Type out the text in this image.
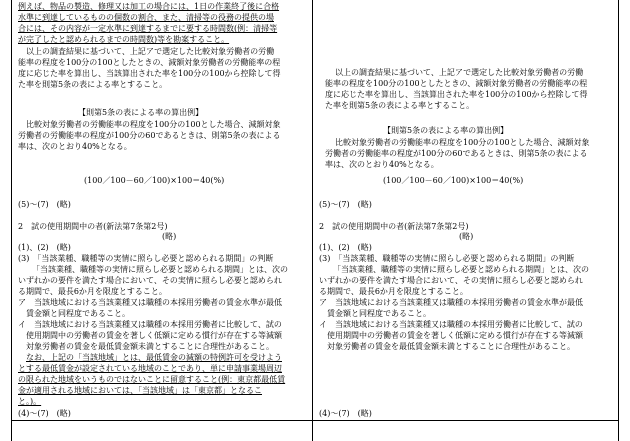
例えば、物品の製造、修理又は加工の場合には、1日の作業終了後に合格
水準に到達しているものの個数の割合、また、清掃等の役務の提供の場
合には、その内容が一定水準に到達するまでに要する時間数(例：清掃等
が完了したと認められるまでの時間数)等を勘案すること。
以上の調査結果に基づいて、上記アで選定した比較対象労働者の労働
能率の程度を100分の100としたときの、減額対象労働者の労働能率の程
度に応じた率を算出し、当該算出された率を100分の100から控除して得
た率を則第5条の表による率とすること。
【則第5条の表による率の算出例】
比較対象労働者の労働能率の程度を100分の100とした場合、減額対象
労働者の労働能率の程度が100分の60であるときは、則第5条の表による
率は、次のとおり40%となる。
(100／100－60／100)×100＝40(%)
(5)～(7)　(略)
2　試の使用期間中の者(新法第7条第2号)
(略)
(1)、(2)　(略)
(3)　「当該業種、職種等の実情に照らし必要と認められる期間」の判断
「当該業種、職種等の実情に照らし必要と認められる期間」とは、次の
いずれかの要件を満たす場合において、その実情に照らし必要と認められ
る期間で、最長6か月を限度とすること。
ア　当該地域における当該業種又は職種の本採用労働者の賃金水準が最低
賃金額と同程度であること。
イ　当該地域における当該業種又は職種の本採用労働者に比較して、試の
使用期間中の労働者の賃金を著しく低額に定める慣行が存在する等減額
対象労働者の賃金を最低賃金額未満とすることに合理性があること。
なお、上記の「当該地域」とは、最低賃金の減額の特例許可を受けよう
とする最低賃金が設定されている地域のことであり、単に申請事業場周辺
の限られた地域をいうものではないことに留意すること(例：東京都最低賃
金が適用される地域においては、「当該地域」は「東京都」となるこ
と。)。
(4)～(7)　(略)
以上の調査結果に基づいて、上記アで選定した比較対象労働者の労働
能率の程度を100分の100としたときの、減額対象労働者の労働能率の程
度に応じた率を算出し、当該算出された率を100分の100から控除して得
た率を則第5条の表による率とすること。
【則第5条の表による率の算出例】
比較対象労働者の労働能率の程度を100分の100とした場合、減額対象
労働者の労働能率の程度が100分の60であるときは、則第5条の表による
率は、次のとおり40%となる。
(100／100－60／100)×100＝40(%)
(5)～(7)　(略)
2　試の使用期間中の者(新法第7条第2号)
(略)
(1)、(2)　(略)
(3)　「当該業種、職種等の実情に照らし必要と認められる期間」の判断
「当該業種、職種等の実情に照らし必要と認められる期間」とは、次の
いずれかの要件を満たす場合において、その実情に照らし必要と認められ
る期間で、最長6か月を限度とすること。
ア　当該地域における当該業種又は職種の本採用労働者の賃金水準が最低
賃金額と同程度であること。
イ　当該地域における当該業種又は職種の本採用労働者に比較して、試の
使用期間中の労働者の賃金を著しく低額に定める慣行が存在する等減額
対象労働者の賃金を最低賃金額未満とすることに合理性があること。
(4)～(7)　(略)
